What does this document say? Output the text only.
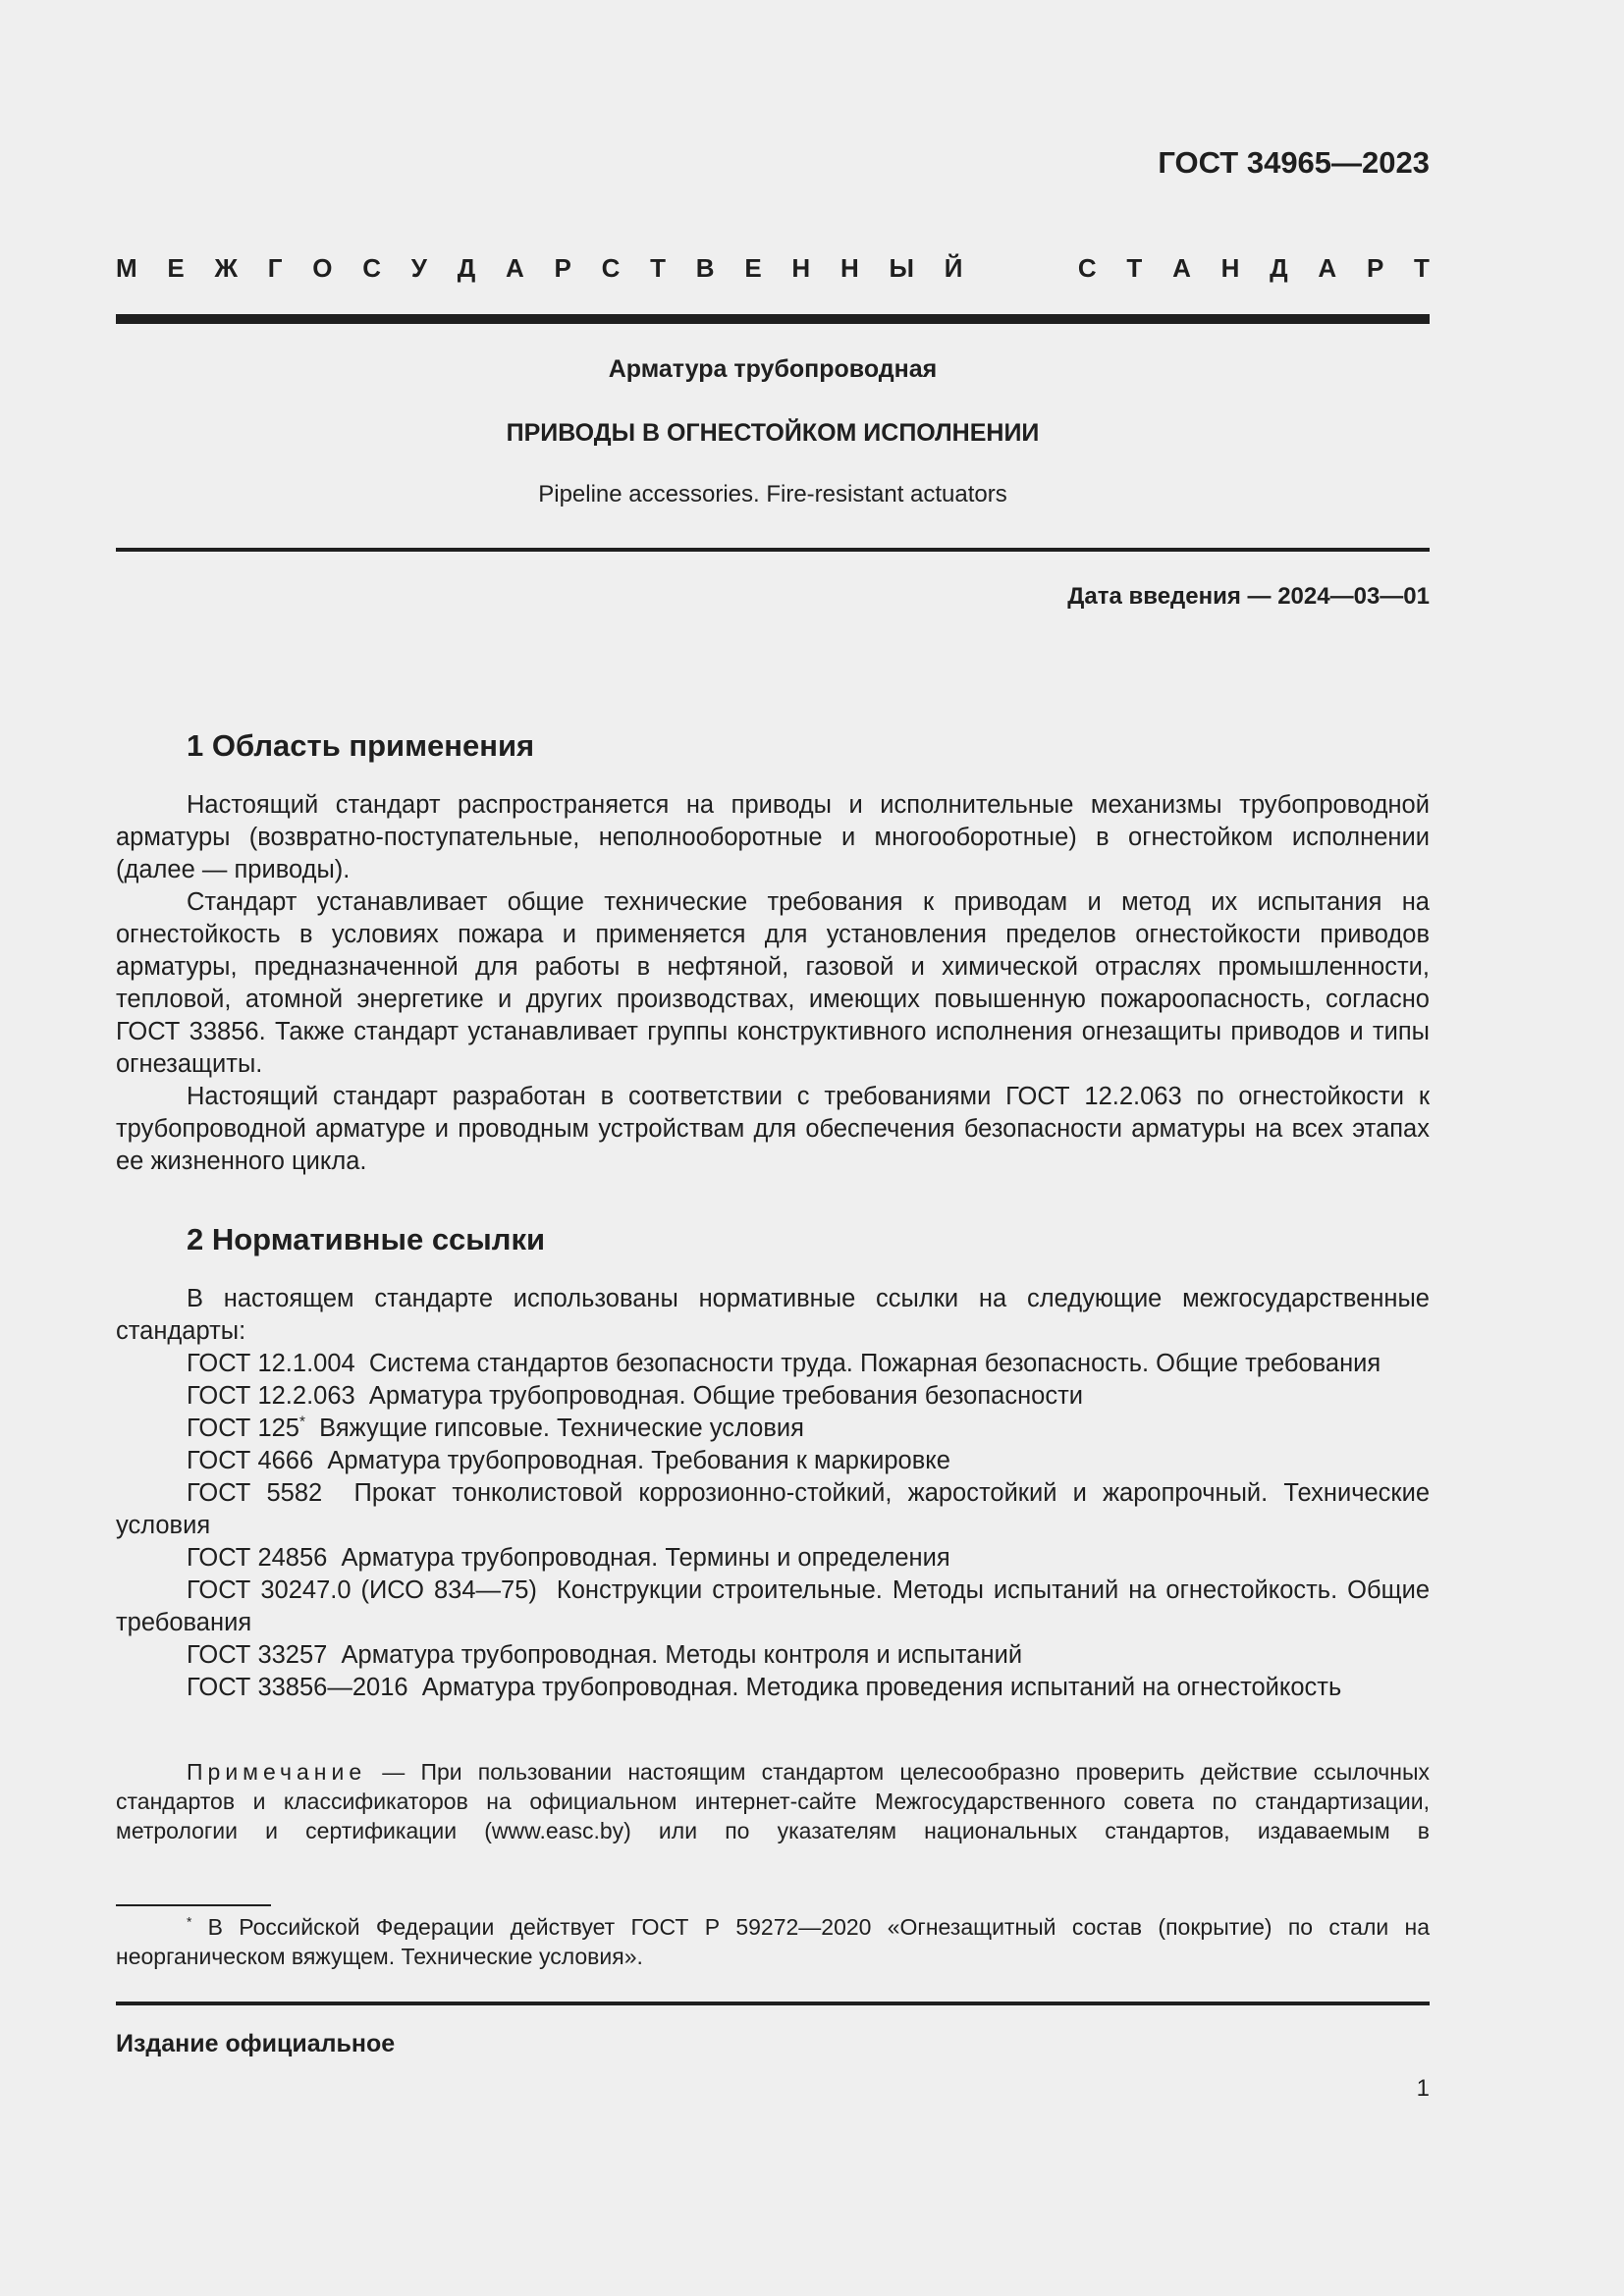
ГОСТ 34965—2023
М Е Ж Г О С У Д А Р С Т В Е Н Н Ы Й	С Т А Н Д А Р Т
Арматура трубопроводная
ПРИВОДЫ В ОГНЕСТОЙКОМ ИСПОЛНЕНИИ
Pipeline accessories. Fire-resistant actuators
Дата введения — 2024—03—01
1 Область применения

Настоящий стандарт распространяется на приводы и исполнительные механизмы трубопроводной арматуры (возвратно-поступательные, неполнооборотные и многооборотные) в огнестойком исполнении (далее — приводы).

Стандарт устанавливает общие технические требования к приводам и метод их испытания на огнестойкость в условиях пожара и применяется для установления пределов огнестойкости приводов арматуры, предназначенной для работы в нефтяной, газовой и химической отраслях промышленности, тепловой, атомной энергетике и других производствах, имеющих повышенную пожароопасность, согласно ГОСТ 33856. Также стандарт устанавливает группы конструктивного исполнения огнезащиты приводов и типы огнезащиты.

Настоящий стандарт разработан в соответствии с требованиями ГОСТ 12.2.063 по огнестойкости к трубопроводной арматуре и проводным устройствам для обеспечения безопасности арматуры на всех этапах ее жизненного цикла.

2 Нормативные ссылки

В настоящем стандарте использованы нормативные ссылки на следующие межгосударственные стандарты:

ГОСТ 12.1.004 Система стандартов безопасности труда. Пожарная безопасность. Общие требования

ГОСТ 12.2.063 Арматура трубопроводная. Общие требования безопасности

ГОСТ 125* Вяжущие гипсовые. Технические условия

ГОСТ 4666 Арматура трубопроводная. Требования к маркировке

ГОСТ 5582 Прокат тонколистовой коррозионно-стойкий, жаростойкий и жаропрочный. Технические условия

ГОСТ 24856 Арматура трубопроводная. Термины и определения

ГОСТ 30247.0 (ИСО 834—75) Конструкции строительные. Методы испытаний на огнестойкость. Общие требования

ГОСТ 33257 Арматура трубопроводная. Методы контроля и испытаний

ГОСТ 33856—2016 Арматура трубопроводная. Методика проведения испытаний на огнестойкость

Примечание — При пользовании настоящим стандартом целесообразно проверить действие ссылочных стандартов и классификаторов на официальном интернет-сайте Межгосударственного совета по стандартизации, метрологии и сертификации (www.easc.by) или по указателям национальных стандартов, издаваемым в

* В Российской Федерации действует ГОСТ Р 59272—2020 «Огнезащитный состав (покрытие) по стали на неорганическом вяжущем. Технические условия».

Издание официальное
1
